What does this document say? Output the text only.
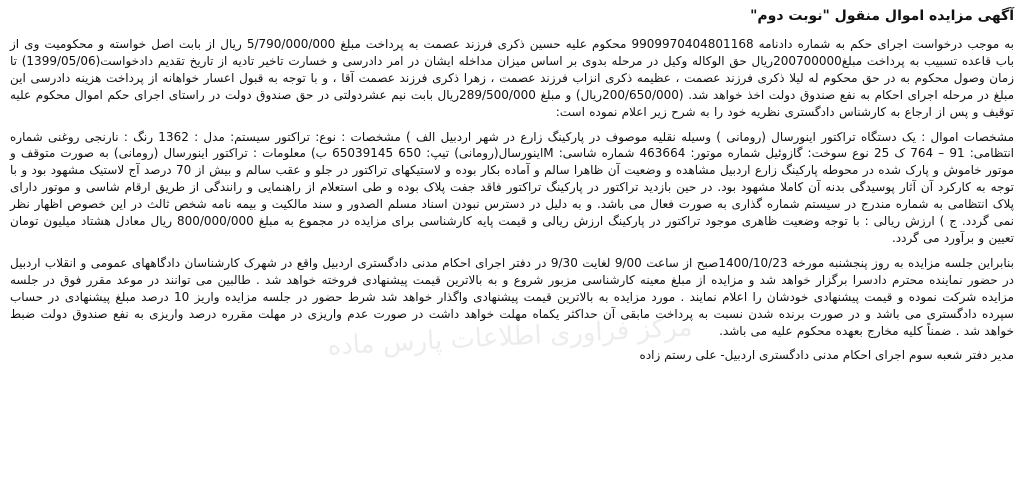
آگهی مزایده اموال منقول "نوبت دوم"

به موجب درخواست اجرای حکم به شماره دادنامه 9909970404801168 محکوم علیه حسین ذکری فرزند عصمت به پرداخت مبلغ 5/790/000/000 ریال از بابت اصل خواسته و محکومیت وی از باب قاعده تسبیب به پرداخت مبلغ200700000ریال حق الوکاله وکیل در مرحله بدوی بر اساس میزان مداخله ایشان در امر دادرسی و خسارت تاخیر تادیه از تاریخ تقدیم دادخواست(1399/05/06) تا زمان وصول محکوم به در حق محکوم له لیلا ذکری فرزند عصمت ، عظیمه ذکری انزاب فرزند عصمت ، زهرا ذکری فرزند عصمت آقا ، و با توجه به قبول اعسار خواهانه از پرداخت هزینه دادرسی این مبلغ در مرحله اجرای احکام به نفع صندوق دولت اخذ خواهد شد. (200/650/000ریال) و مبلغ 289/500/000ریال بابت نیم عشردولتی در حق صندوق دولت در راستای اجرای حکم اموال محکوم علیه توقیف و پس از ارجاع به کارشناس دادگستری نظریه خود را به شرح زیر اعلام نموده است:

مشخصات اموال : یک دستگاه تراکتور اینورسال (رومانی ) وسیله نقلیه موصوف در پارکینگ زارع در شهر اردبیل الف ) مشخصات : نوع: تراکتور سیستم: مدل : 1362 رنگ : نارنجی روغنی شماره انتظامی: 91 – 764 ک 25 نوع سوخت: گازوئیل شماره موتور: 463664 شماره شاسی: Mاینورسال(رومانی) تیپ: 650 65039145 ب) معلومات : تراکتور اینورسال (رومانی) به صورت متوقف و موتور خاموش و پارک شده در محوطه پارکینگ زارع اردبیل مشاهده و وضعیت آن ظاهرا سالم و آماده بکار بوده و لاستیکهای تراکتور در جلو و عقب سالم و بیش از 70 درصد آج لاستیک مشهود بود و با توجه به کارکرد آن آثار پوسیدگی بدنه آن کاملا مشهود بود. در حین بازدید تراکتور در پارکینگ تراکتور فاقد جفت پلاک بوده و طی استعلام از راهنمایی و رانندگی از طریق ارقام شاسی و موتور دارای پلاک انتظامی به شماره مندرج در سیستم شماره گذاری به صورت فعال می باشد. و به دلیل در دسترس نبودن اسناد مسلم الصدور و سند مالکیت و بیمه نامه شخص ثالث در این خصوص اظهار نظر نمی گردد. ج ) ارزش ریالی : با توجه وضعیت ظاهری موجود تراکتور در پارکینگ ارزش ریالی و قیمت پایه کارشناسی برای مزایده در مجموع به مبلغ 800/000/000 ریال معادل هشتاد میلیون تومان تعیین و برآورد می گردد.

بنابراین جلسه مزایده به روز پنجشنبه مورخه 1400/10/23صبح از ساعت 9/00 لغایت 9/30 در دفتر اجرای احکام مدنی دادگستری اردبیل واقع در شهرک کارشناسان دادگاههای عمومی و انقلاب اردبیل در حضور نماینده محترم دادسرا برگزار خواهد شد و مزایده از مبلغ معینه کارشناسی مزبور شروع و به بالاترین قیمت پیشنهادی فروخته خواهد شد . طالبین می توانند در موعد مقرر فوق در جلسه مزایده شرکت نموده و قیمت پیشنهادی خودشان را اعلام نمایند . مورد مزایده به بالاترین قیمت پیشنهادی واگذار خواهد شد شرط حضور در جلسه مزایده واریز 10 درصد مبلغ پیشنهادی در حساب سپرده دادگستری می باشد و در صورت برنده شدن نسبت به پرداخت مابقی آن حداکثر یکماه مهلت خواهد داشت در صورت عدم واریزی در مهلت مقرره درصد واریزی به نفع صندوق دولت ضبط خواهد شد . ضمناً کلیه مخارج بعهده محکوم علیه می باشد.

مدیر دفتر شعبه سوم اجرای احکام مدنی دادگستری اردبیل- علی رستم زاده
مرکز فراوری اطلاعات پارس ماده
